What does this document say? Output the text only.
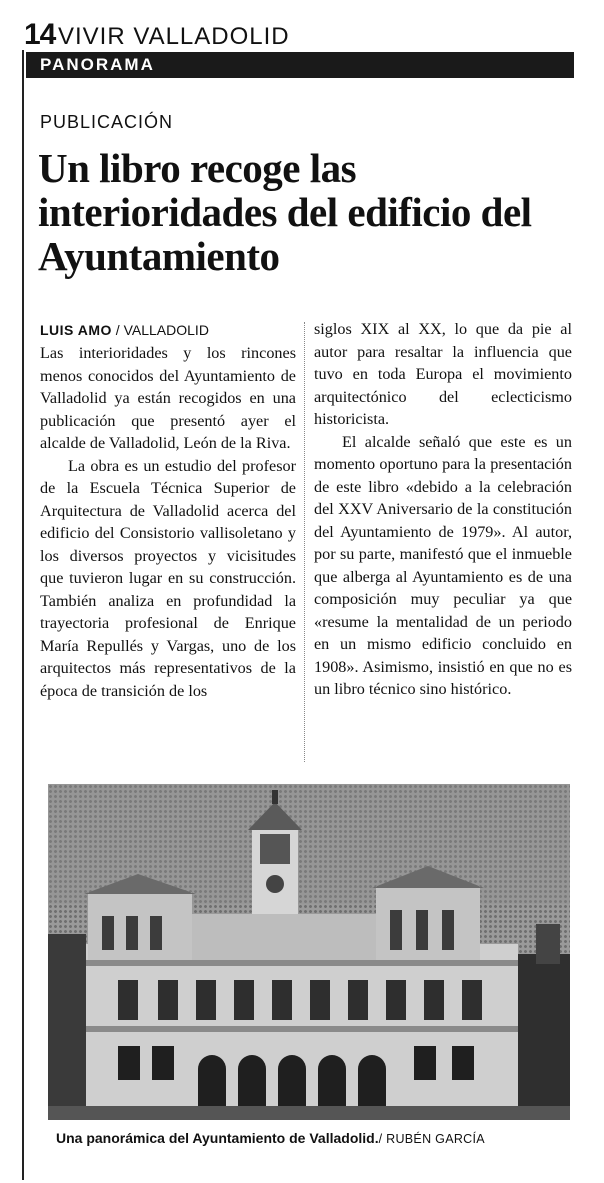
14 VIVIR VALLADOLID
PANORAMA
PUBLICACIÓN
Un libro recoge las interioridades del edificio del Ayuntamiento
LUIS AMO / VALLADOLID

Las interioridades y los rincones menos conocidos del Ayuntamiento de Valladolid ya están recogidos en una publicación que presentó ayer el alcalde de Valladolid, León de la Riva.

La obra es un estudio del profesor de la Escuela Técnica Superior de Arquitectura de Valladolid acerca del edificio del Consistorio vallisoletano y los diversos proyectos y vicisitudes que tuvieron lugar en su construcción. También analiza en profundidad la trayectoria profesional de Enrique María Repullés y Vargas, uno de los arquitectos más representativos de la época de transición de los

siglos XIX al XX, lo que da pie al autor para resaltar la influencia que tuvo en toda Europa el movimiento arquitectónico del eclecticismo historicista.

El alcalde señaló que este es un momento oportuno para la presentación de este libro «debido a la celebración del XXV Aniversario de la constitución del Ayuntamiento de 1979». Al autor, por su parte, manifestó que el inmueble que alberga al Ayuntamiento es de una composición muy peculiar ya que «resume la mentalidad de un periodo en un mismo edificio concluido en 1908». Asimismo, insistió en que no es un libro técnico sino histórico.

Una panorámica del Ayuntamiento de Valladolid./ RUBÉN GARCÍA
